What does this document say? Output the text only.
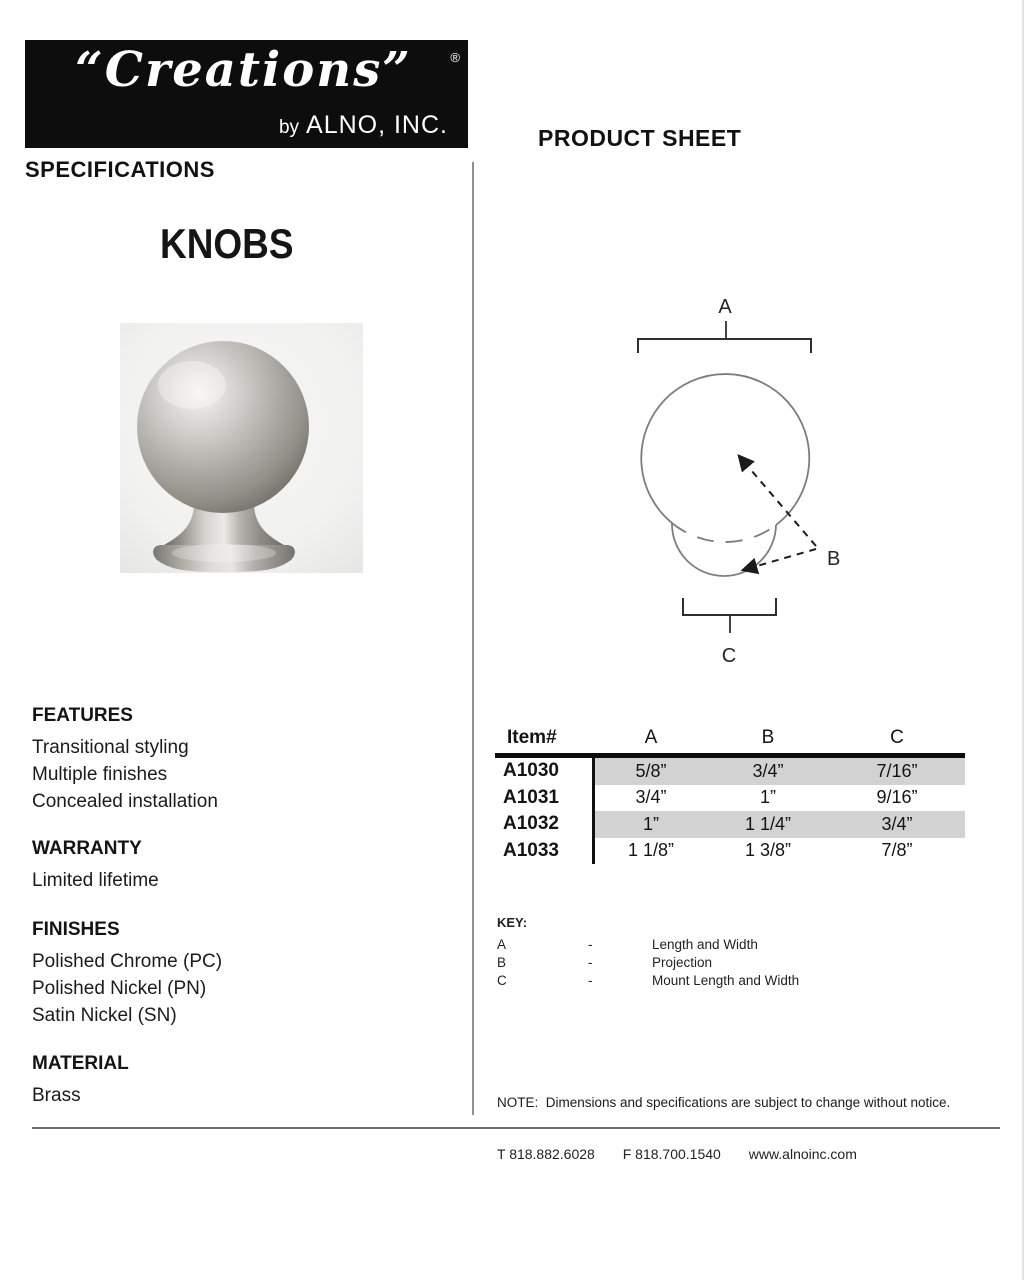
“Creations”	®
by ALNO, INC.
SPECIFICATIONS
PRODUCT SHEET
KNOBS
FEATURES
Transitional styling
Multiple finishes
Concealed installation
WARRANTY
Limited lifetime
FINISHES
Polished Chrome (PC)
Polished Nickel (PN)
Satin Nickel (SN)
MATERIAL
Brass
A
B
C
Item#	A	B	C
A1030	5/8”	3/4”	7/16”
A1031	3/4”	1”	9/16”
A1032	1”	1 1/4”	3/4”
A1033	1 1/8”	1 3/8”	7/8”
KEY:
A	-	Length and Width
B	-	Projection
C	-	Mount Length and Width
NOTE:  Dimensions and specifications are subject to change without notice.
T 818.882.6028 F 818.700.1540 www.alnoinc.com
